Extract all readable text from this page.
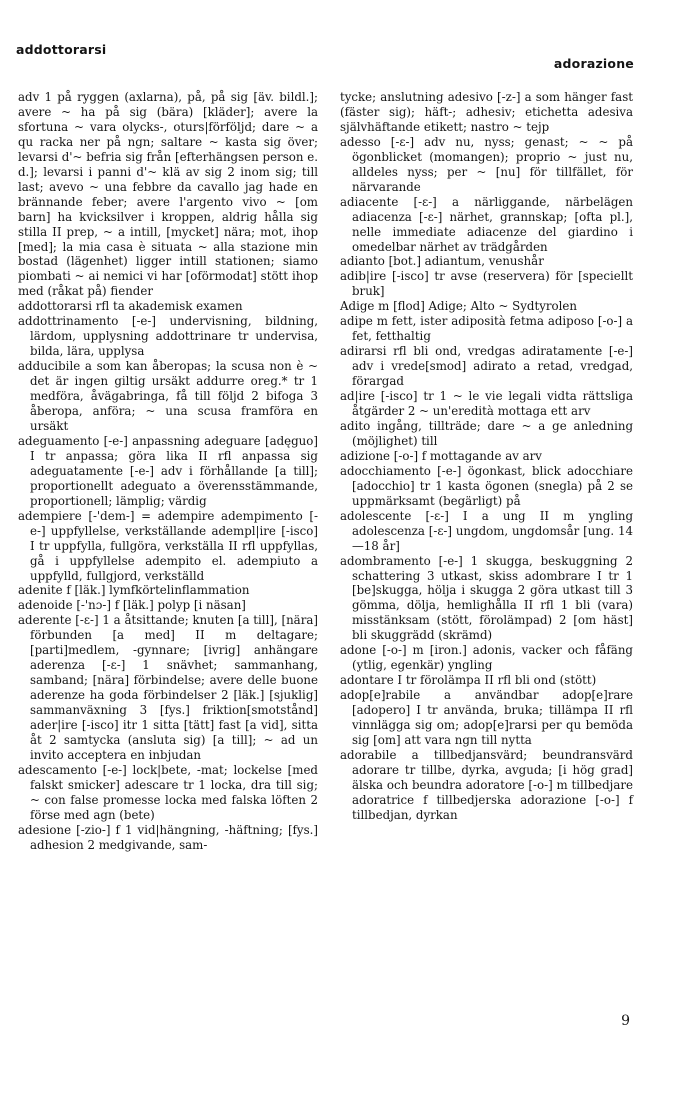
addottorarsi
adorazione

adv 1 på ryggen (axlarna), på, på sig [äv. bildl.]; avere ~ ha på sig (bära) [kläder]; avere la sfortuna ~ vara olycks-, oturs|förföljd; dare ~ a qu racka ner på ngn; saltare ~ kasta sig över; levarsi d'~ befria sig från [efterhängsen person e. d.]; levarsi i panni d'~ klä av sig 2 inom sig; till last; avevo ~ una febbre da cavallo jag hade en brännande feber; avere l'argento vivo ~ [om barn] ha kvicksilver i kroppen, aldrig hålla sig stilla II prep, ~ a intill, [mycket] nära; mot, ihop [med]; la mia casa è situata ~ alla stazione min bostad (lägenhet) ligger intill stationen; siamo piombati ~ ai nemici vi har [oförmodat] stött ihop med (råkat på) fiender

addottorarsi rfl ta akademisk examen

addottrinamento [-e-] undervisning, bildning, lärdom, upplysning addottrinare tr undervisa, bilda, lära, upplysa

adducibile a som kan åberopas; la scusa non è ~ det är ingen giltig ursäkt addurre oreg.* tr 1 medföra, åvägabringa, få till följd 2 bifoga 3 åberopa, anföra; ~ una scusa framföra en ursäkt

adeguamento [-e-] anpassning adeguare [adęguo] I tr anpassa; göra lika II rfl anpassa sig adeguatamente [-e-] adv i förhållande [a till]; proportionellt adeguato a överensstämmande, proportionell; lämplig; värdig

adempiere [-'dem-] = adempire adempimento [-e-] uppfyllelse, verkställande adempl|ire [-isco] I tr uppfylla, fullgöra, verkställa II rfl uppfyllas, gå i uppfyllelse adempito el. adempiuto a uppfylld, fullgjord, verkställd

adenite f [läk.] lymfkörtelinflammation

adenoide [-'nɔ-] f [läk.] polyp [i näsan]

aderente [-ɛ-] 1 a åtsittande; knuten [a till], [nära] förbunden [a med] II m deltagare; [parti]medlem, -gynnare; [ivrig] anhängare aderenza [-ɛ-] 1 snävhet; sammanhang, samband; [nära] förbindelse; avere delle buone aderenze ha goda förbindelser 2 [läk.] [sjuklig] sammanväxning 3 [fys.] friktion[smotstånd] ader|ire [-isco] itr 1 sitta [tätt] fast [a vid], sitta åt 2 samtycka (ansluta sig) [a till]; ~ ad un invito acceptera en inbjudan

adescamento [-e-] lock|bete, -mat; lockelse [med falskt smicker] adescare tr 1 locka, dra till sig; ~ con false promesse locka med falska löften 2 förse med agn (bete)

adesione [-zio-] f 1 vid|hängning, -häftning; [fys.] adhesion 2 medgivande, sam-

tycke; anslutning adesivo [-z-] a som hänger fast (fäster sig); häft-; adhesiv; etichetta adesiva självhäftande etikett; nastro ~ tejp

adesso [-ɛ-] adv nu, nyss; genast; ~ ~ på ögonblicket (momangen); proprio ~ just nu, alldeles nyss; per ~ [nu] för tillfället, för närvarande

adiacente [-ɛ-] a närliggande, närbelägen adiacenza [-ɛ-] närhet, grannskap; [ofta pl.], nelle immediate adiacenze del giardino i omedelbar närhet av trädgården

adianto [bot.] adiantum, venushår

adib|ire [-isco] tr avse (reservera) för [speciellt bruk]

Adige m [flod] Adige; Alto ~ Sydtyrolen

adipe m fett, ister adiposità fetma adiposo [-o-] a fet, fetthaltig

adirarsi rfl bli ond, vredgas adiratamente [-e-] adv i vrede[smod] adirato a retad, vredgad, förargad

ad|ire [-isco] tr 1 ~ le vie legali vidta rättsliga åtgärder 2 ~ un'eredità mottaga ett arv

adito ingång, tillträde; dare ~ a ge anledning (möjlighet) till

adizione [-o-] f mottagande av arv

adocchiamento [-e-] ögonkast, blick adocchiare [adocchio] tr 1 kasta ögonen (snegla) på 2 se uppmärksamt (begärligt) på

adolescente [-ɛ-] I a ung II m yngling adolescenza [-ɛ-] ungdom, ungdomsår [ung. 14—18 år]

adombramento [-e-] 1 skugga, beskuggning 2 schattering 3 utkast, skiss adombrare I tr 1 [be]skugga, hölja i skugga 2 göra utkast till 3 gömma, dölja, hemlighålla II rfl 1 bli (vara) misstänksam (stött, förolämpad) 2 [om häst] bli skuggrädd (skrämd)

adone [-o-] m [iron.] adonis, vacker och fåfäng (ytlig, egenkär) yngling

adontare I tr förolämpa II rfl bli ond (stött)

adop[e]rabile a användbar adop[e]rare [adopero] I tr använda, bruka; tillämpa II rfl vinnlägga sig om; adop[e]rarsi per qu bemöda sig [om] att vara ngn till nytta

adorabile a tillbedjansvärd; beundransvärd adorare tr tillbe, dyrka, avguda; [i hög grad] älska och beundra adoratore [-o-] m tillbedjare adoratrice f tillbedjerska adorazione [-o-] f tillbedjan, dyrkan

9
